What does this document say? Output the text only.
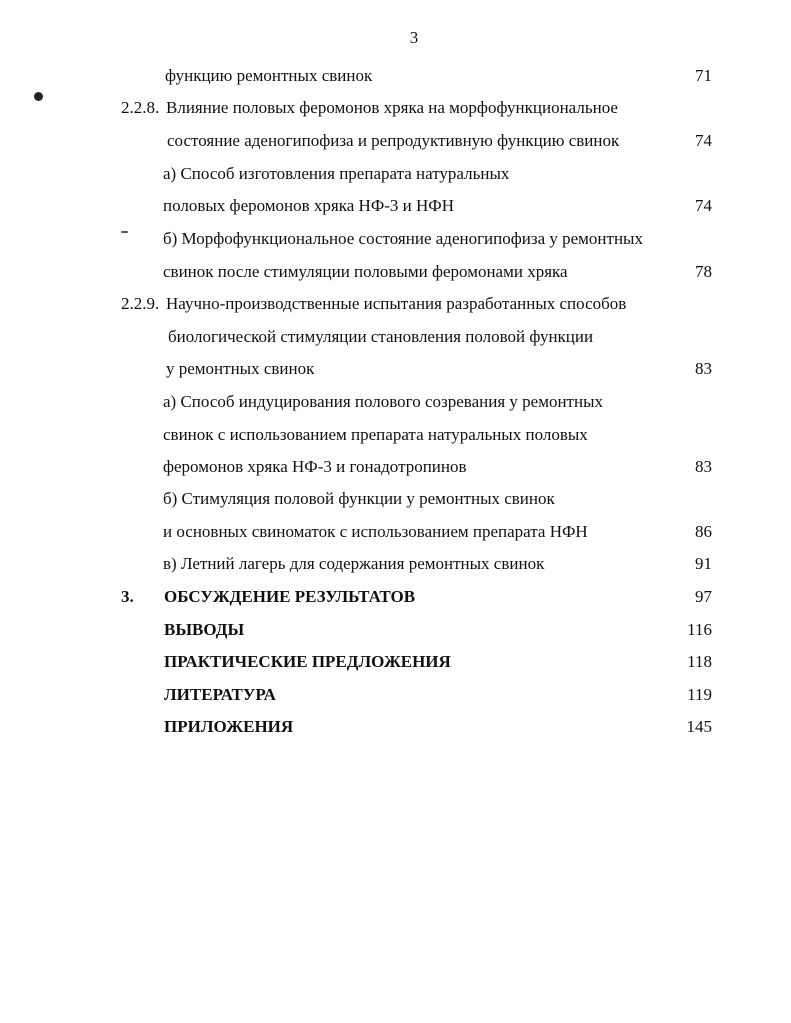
3
функцию ремонтных свинок	71
2.2.8. Влияние половых феромонов хряка на морфофункциональное
состояние аденогипофиза и репродуктивную функцию свинок	74
а) Способ изготовления препарата натуральных
половых феромонов хряка НФ-3 и НФН	74
б) Морфофункциональное состояние аденогипофиза у ремонтных
свинок после стимуляции половыми феромонами хряка	78
2.2.9. Научно-производственные испытания разработанных способов
биологической стимуляции становления половой функции
у ремонтных свинок	83
а) Способ индуцирования полового созревания у ремонтных
свинок с использованием препарата натуральных половых
феромонов хряка НФ-3 и гонадотропинов	83
б) Стимуляция половой функции у ремонтных свинок
и основных свиноматок с использованием препарата НФН	86
в) Летний лагерь для содержания ремонтных свинок	91
3. ОБСУЖДЕНИЕ РЕЗУЛЬТАТОВ	97
ВЫВОДЫ	116
ПРАКТИЧЕСКИЕ ПРЕДЛОЖЕНИЯ	118
ЛИТЕРАТУРА	119
ПРИЛОЖЕНИЯ	145
